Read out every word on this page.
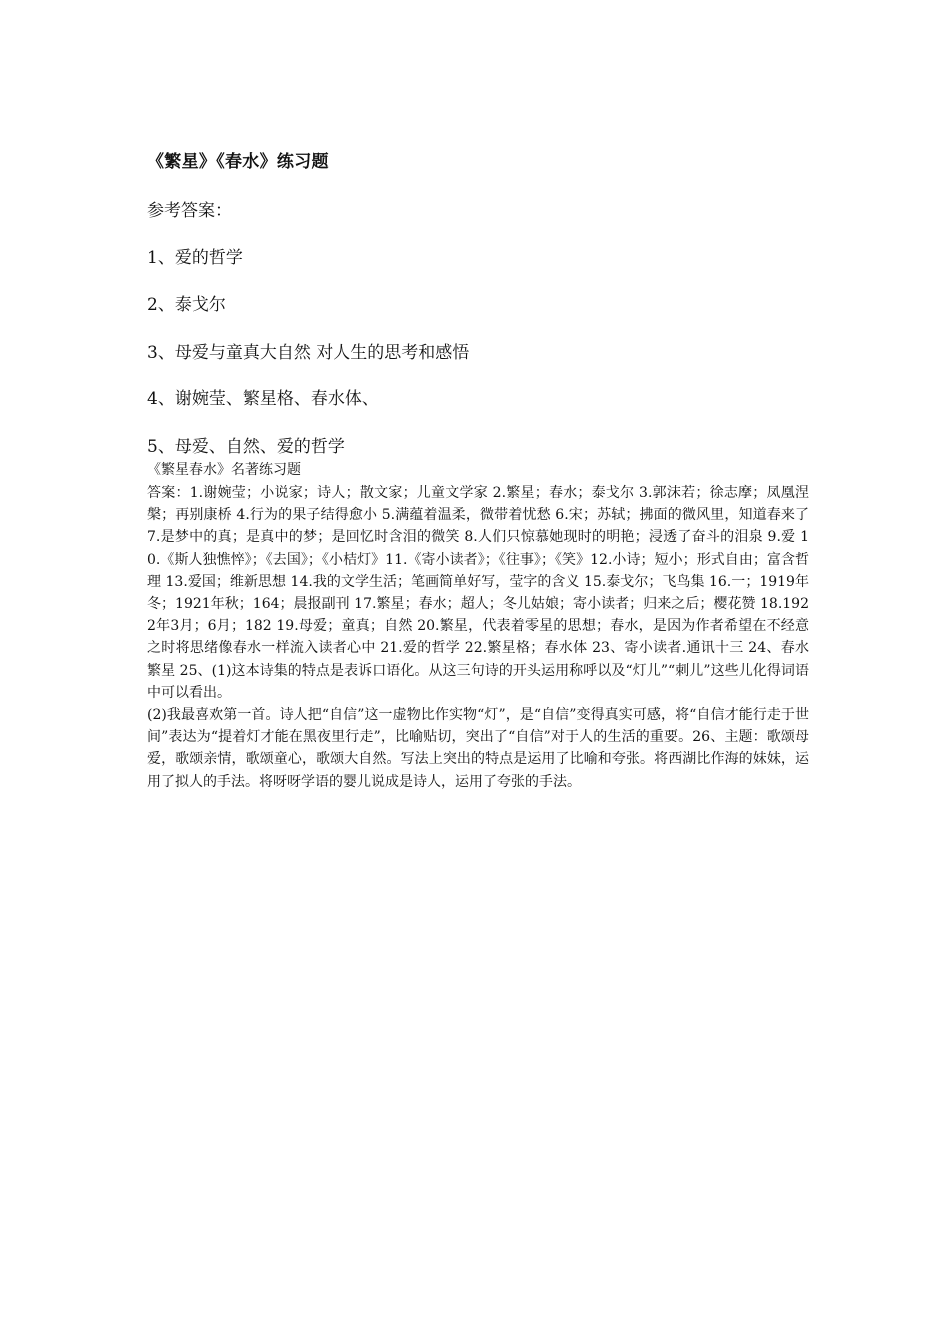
《繁星》《春水》练习题
参考答案：
1、爱的哲学
2、泰戈尔
3、母爱与童真大自然 对人生的思考和感悟
4、谢婉莹、繁星格、春水体、
5、母爱、自然、爱的哲学
《繁星春水》名著练习题

答案：1.谢婉莹；小说家；诗人；散文家；儿童文学家 2.繁星；春水；泰戈尔 3.郭沫若；徐志摩；凤凰涅槃；再别康桥 4.行为的果子结得愈小 5.满蕴着温柔，微带着忧愁 6.宋；苏轼；拂面的微风里，知道春来了 7.是梦中的真；是真中的梦；是回忆时含泪的微笑 8.人们只惊慕她现时的明艳；浸透了奋斗的泪泉 9.爱 10.《斯人独憔悴》；《去国》；《小桔灯》11.《寄小读者》；《往事》；《笑》12.小诗；短小；形式自由；富含哲理 13.爱国；维新思想 14.我的文学生活；笔画简单好写，莹字的含义 15.泰戈尔；飞鸟集 16.一；1919年冬；1921年秋；164；晨报副刊 17.繁星；春水；超人；冬儿姑娘；寄小读者；归来之后；樱花赞 18.1922年3月；6月；182 19.母爱；童真；自然 20.繁星，代表着零星的思想；春水，是因为作者希望在不经意之时将思绪像春水一样流入读者心中 21.爱的哲学 22.繁星格；春水体 23、寄小读者.通讯十三 24、春水繁星 25、(1)这本诗集的特点是表诉口语化。从这三句诗的开头运用称呼以及“灯儿”“刺儿”这些儿化得词语中可以看出。

(2)我最喜欢第一首。诗人把“自信”这一虚物比作实物“灯”，是“自信”变得真实可感，将“自信才能行走于世间”表达为“提着灯才能在黑夜里行走”，比喻贴切，突出了“自信”对于人的生活的重要。26、主题：歌颂母爱，歌颂亲情，歌颂童心，歌颂大自然。写法上突出的特点是运用了比喻和夸张。将西湖比作海的妹妹，运用了拟人的手法。将呀呀学语的婴儿说成是诗人，运用了夸张的手法。
